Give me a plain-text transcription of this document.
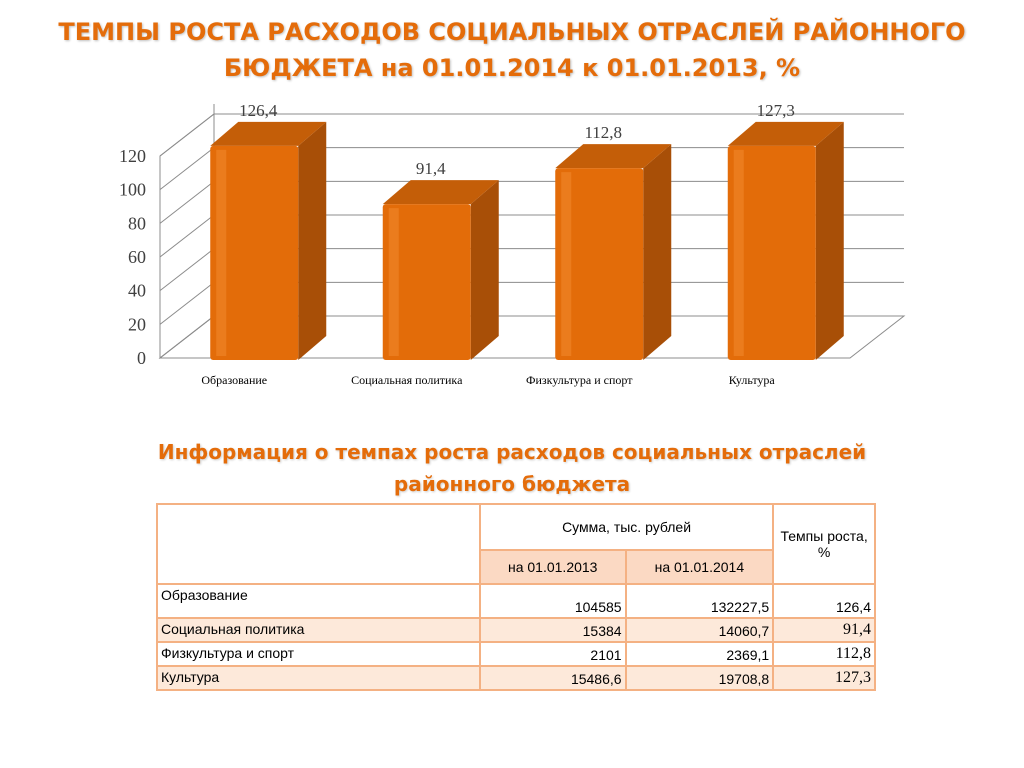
ТЕМПЫ РОСТА РАСХОДОВ СОЦИАЛЬНЫХ ОТРАСЛЕЙ РАЙОННОГО
БЮДЖЕТА на 01.01.2014 к 01.01.2013, %
0
20
40
60
80
100
120
126,4
91,4
112,8
127,3
Образование	Социальная политика	Физкультура и спорт	Культура
Информация о темпах роста расходов социальных отраслей
районного бюджета
	Сумма, тыс. рублей		Темпы роста, %
	на 01.01.2013	на 01.01.2014	
Образование	104585	132227,5	126,4
Социальная политика	15384	14060,7	91,4
Физкультура и спорт	2101	2369,1	112,8
Культура	15486,6	19708,8	127,3
